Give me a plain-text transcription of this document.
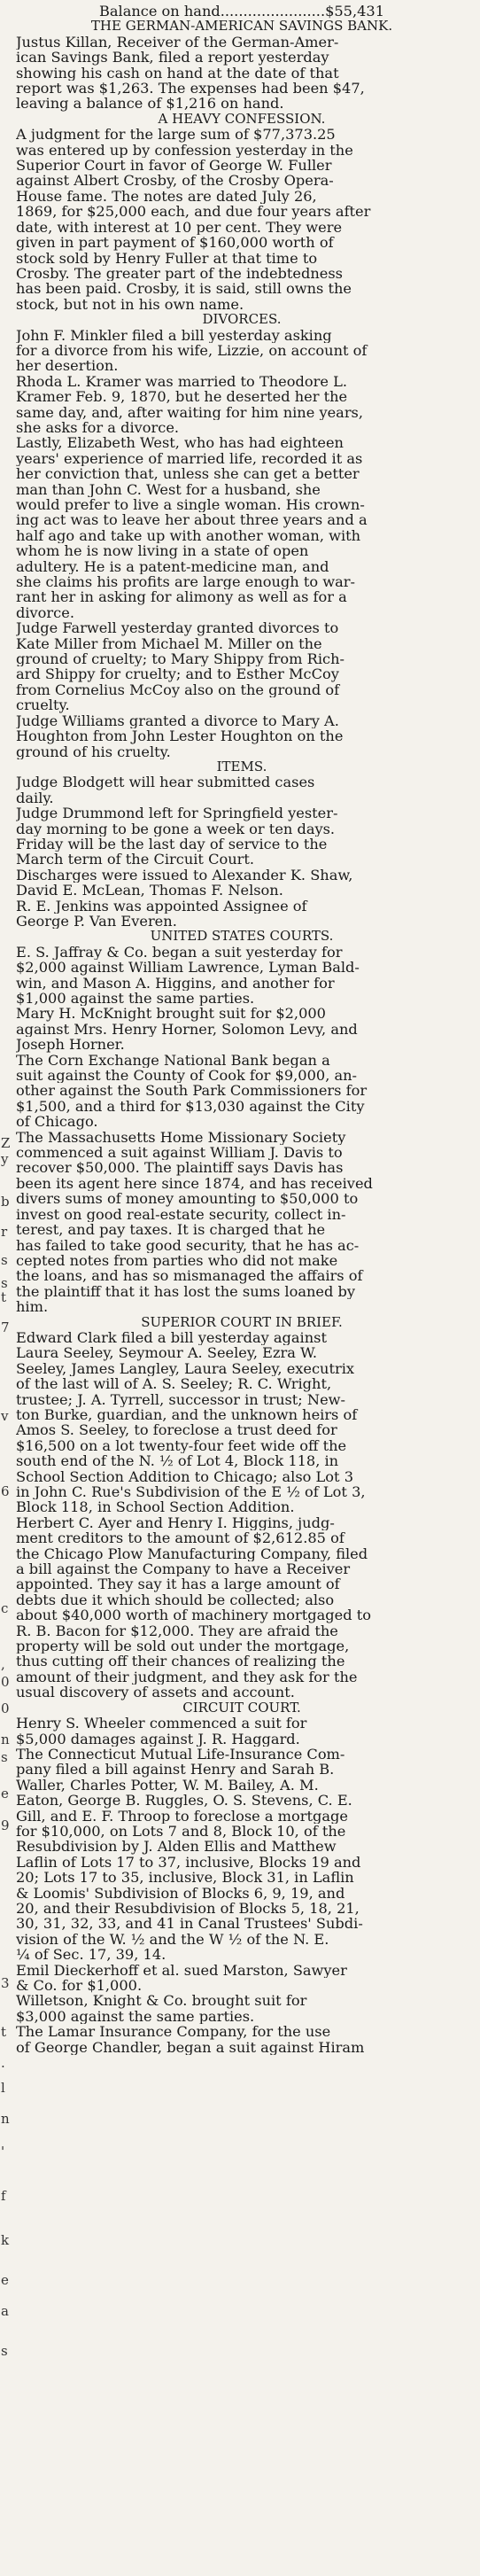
Z
y
b
r
s
s
t
7
v
6
c
,
0
0
n
s
e
9
3
t
.
l
n
'
f
k
e
a
s
Balance on hand.......................$55,431
THE GERMAN-AMERICAN SAVINGS BANK.
Justus Killan, Receiver of the German-Amer-
ican Savings Bank, filed a report yesterday
showing his cash on hand at the date of that
report was $1,263. The expenses had been $47,
leaving a balance of $1,216 on hand.
A HEAVY CONFESSION.
A judgment for the large sum of $77,373.25
was entered up by confession yesterday in the
Superior Court in favor of George W. Fuller
against Albert Crosby, of the Crosby Opera-
House fame. The notes are dated July 26,
1869, for $25,000 each, and due four years after
date, with interest at 10 per cent. They were
given in part payment of $160,000 worth of
stock sold by Henry Fuller at that time to
Crosby. The greater part of the indebtedness
has been paid. Crosby, it is said, still owns the
stock, but not in his own name.
DIVORCES.
John F. Minkler filed a bill yesterday asking
for a divorce from his wife, Lizzie, on account of
her desertion.
Rhoda L. Kramer was married to Theodore L.
Kramer Feb. 9, 1870, but he deserted her the
same day, and, after waiting for him nine years,
she asks for a divorce.
Lastly, Elizabeth West, who has had eighteen
years' experience of married life, recorded it as
her conviction that, unless she can get a better
man than John C. West for a husband, she
would prefer to live a single woman. His crown-
ing act was to leave her about three years and a
half ago and take up with another woman, with
whom he is now living in a state of open
adultery. He is a patent-medicine man, and
she claims his profits are large enough to war-
rant her in asking for alimony as well as for a
divorce.
Judge Farwell yesterday granted divorces to
Kate Miller from Michael M. Miller on the
ground of cruelty; to Mary Shippy from Rich-
ard Shippy for cruelty; and to Esther McCoy
from Cornelius McCoy also on the ground of
cruelty.
Judge Williams granted a divorce to Mary A.
Houghton from John Lester Houghton on the
ground of his cruelty.
ITEMS.
Judge Blodgett will hear submitted cases
daily.
Judge Drummond left for Springfield yester-
day morning to be gone a week or ten days.
Friday will be the last day of service to the
March term of the Circuit Court.
Discharges were issued to Alexander K. Shaw,
David E. McLean, Thomas F. Nelson.
R. E. Jenkins was appointed Assignee of
George P. Van Everen.
UNITED STATES COURTS.
E. S. Jaffray & Co. began a suit yesterday for
$2,000 against William Lawrence, Lyman Bald-
win, and Mason A. Higgins, and another for
$1,000 against the same parties.
Mary H. McKnight brought suit for $2,000
against Mrs. Henry Horner, Solomon Levy, and
Joseph Horner.
The Corn Exchange National Bank began a
suit against the County of Cook for $9,000, an-
other against the South Park Commissioners for
$1,500, and a third for $13,030 against the City
of Chicago.
The Massachusetts Home Missionary Society
commenced a suit against William J. Davis to
recover $50,000. The plaintiff says Davis has
been its agent here since 1874, and has received
divers sums of money amounting to $50,000 to
invest on good real-estate security, collect in-
terest, and pay taxes. It is charged that he
has failed to take good security, that he has ac-
cepted notes from parties who did not make
the loans, and has so mismanaged the affairs of
the plaintiff that it has lost the sums loaned by
him.
SUPERIOR COURT IN BRIEF.
Edward Clark filed a bill yesterday against
Laura Seeley, Seymour A. Seeley, Ezra W.
Seeley, James Langley, Laura Seeley, executrix
of the last will of A. S. Seeley; R. C. Wright,
trustee; J. A. Tyrrell, successor in trust; New-
ton Burke, guardian, and the unknown heirs of
Amos S. Seeley, to foreclose a trust deed for
$16,500 on a lot twenty-four feet wide off the
south end of the N. ½ of Lot 4, Block 118, in
School Section Addition to Chicago; also Lot 3
in John C. Rue's Subdivision of the E ½ of Lot 3,
Block 118, in School Section Addition.
Herbert C. Ayer and Henry I. Higgins, judg-
ment creditors to the amount of $2,612.85 of
the Chicago Plow Manufacturing Company, filed
a bill against the Company to have a Receiver
appointed. They say it has a large amount of
debts due it which should be collected; also
about $40,000 worth of machinery mortgaged to
R. B. Bacon for $12,000. They are afraid the
property will be sold out under the mortgage,
thus cutting off their chances of realizing the
amount of their judgment, and they ask for the
usual discovery of assets and account.
CIRCUIT COURT.
Henry S. Wheeler commenced a suit for
$5,000 damages against J. R. Haggard.
The Connecticut Mutual Life-Insurance Com-
pany filed a bill against Henry and Sarah B.
Waller, Charles Potter, W. M. Bailey, A. M.
Eaton, George B. Ruggles, O. S. Stevens, C. E.
Gill, and E. F. Throop to foreclose a mortgage
for $10,000, on Lots 7 and 8, Block 10, of the
Resubdivision by J. Alden Ellis and Matthew
Laflin of Lots 17 to 37, inclusive, Blocks 19 and
20; Lots 17 to 35, inclusive, Block 31, in Laflin
& Loomis' Subdivision of Blocks 6, 9, 19, and
20, and their Resubdivision of Blocks 5, 18, 21,
30, 31, 32, 33, and 41 in Canal Trustees' Subdi-
vision of the W. ½ and the W ½ of the N. E.
¼ of Sec. 17, 39, 14.
Emil Dieckerhoff et al. sued Marston, Sawyer
& Co. for $1,000.
Willetson, Knight & Co. brought suit for
$3,000 against the same parties.
The Lamar Insurance Company, for the use
of George Chandler, began a suit against Hiram
